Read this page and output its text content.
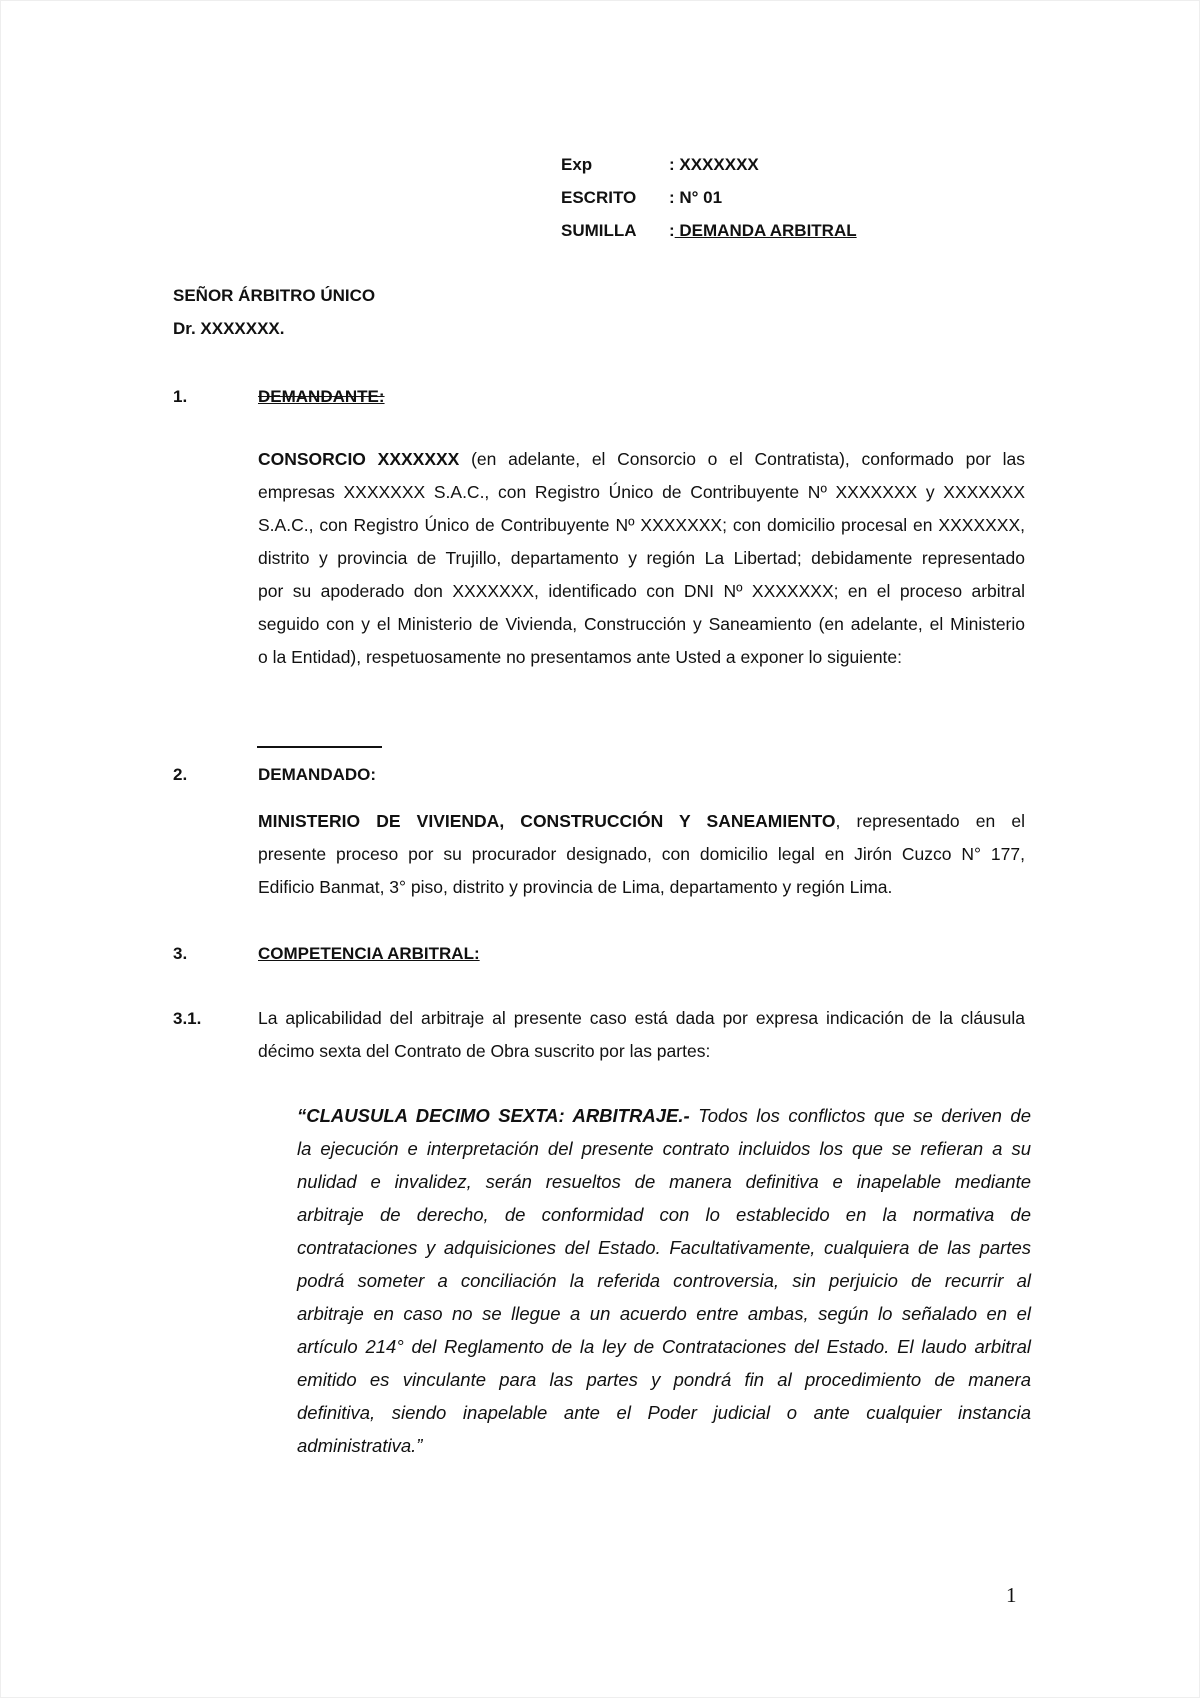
Exp	: XXXXXXX
ESCRITO : N° 01
SUMILLA : DEMANDA ARBITRAL
SEÑOR ÁRBITRO ÚNICO
Dr. XXXXXXX.
1.	DEMANDANTE:
CONSORCIO XXXXXXX (en adelante, el Consorcio o el Contratista), conformado por las
empresas XXXXXXX S.A.C., con Registro Único de Contribuyente Nº XXXXXXX y XXXXXXX
S.A.C., con Registro Único de Contribuyente Nº XXXXXXX; con domicilio procesal en XXXXXXX,
distrito y provincia de Trujillo, departamento y región La Libertad; debidamente representado
por su apoderado don XXXXXXX, identificado con DNI Nº XXXXXXX; en el proceso arbitral
seguido con y el Ministerio de Vivienda, Construcción y Saneamiento (en adelante, el Ministerio
o la Entidad), respetuosamente no presentamos ante Usted a exponer lo siguiente:
2.	DEMANDADO:
MINISTERIO DE VIVIENDA, CONSTRUCCIÓN Y SANEAMIENTO, representado en el
presente proceso por su procurador designado, con domicilio legal en Jirón Cuzco N° 177,
Edificio Banmat, 3° piso, distrito y provincia de Lima, departamento y región Lima.
3.	COMPETENCIA ARBITRAL:
3.1.	La aplicabilidad del arbitraje al presente caso está dada por expresa indicación de la cláusula
décimo sexta del Contrato de Obra suscrito por las partes:
“CLAUSULA DECIMO SEXTA: ARBITRAJE.- Todos los conflictos que se deriven de
la ejecución e interpretación del presente contrato incluidos los que se refieran a su
nulidad e invalidez, serán resueltos de manera definitiva e inapelable mediante
arbitraje de derecho, de conformidad con lo establecido en la normativa de
contrataciones y adquisiciones del Estado. Facultativamente, cualquiera de las partes
podrá someter a conciliación la referida controversia, sin perjuicio de recurrir al
arbitraje en caso no se llegue a un acuerdo entre ambas, según lo señalado en el
artículo 214° del Reglamento de la ley de Contrataciones del Estado. El laudo arbitral
emitido es vinculante para las partes y pondrá fin al procedimiento de manera
definitiva, siendo inapelable ante el Poder judicial o ante cualquier instancia
administrativa.”
1
